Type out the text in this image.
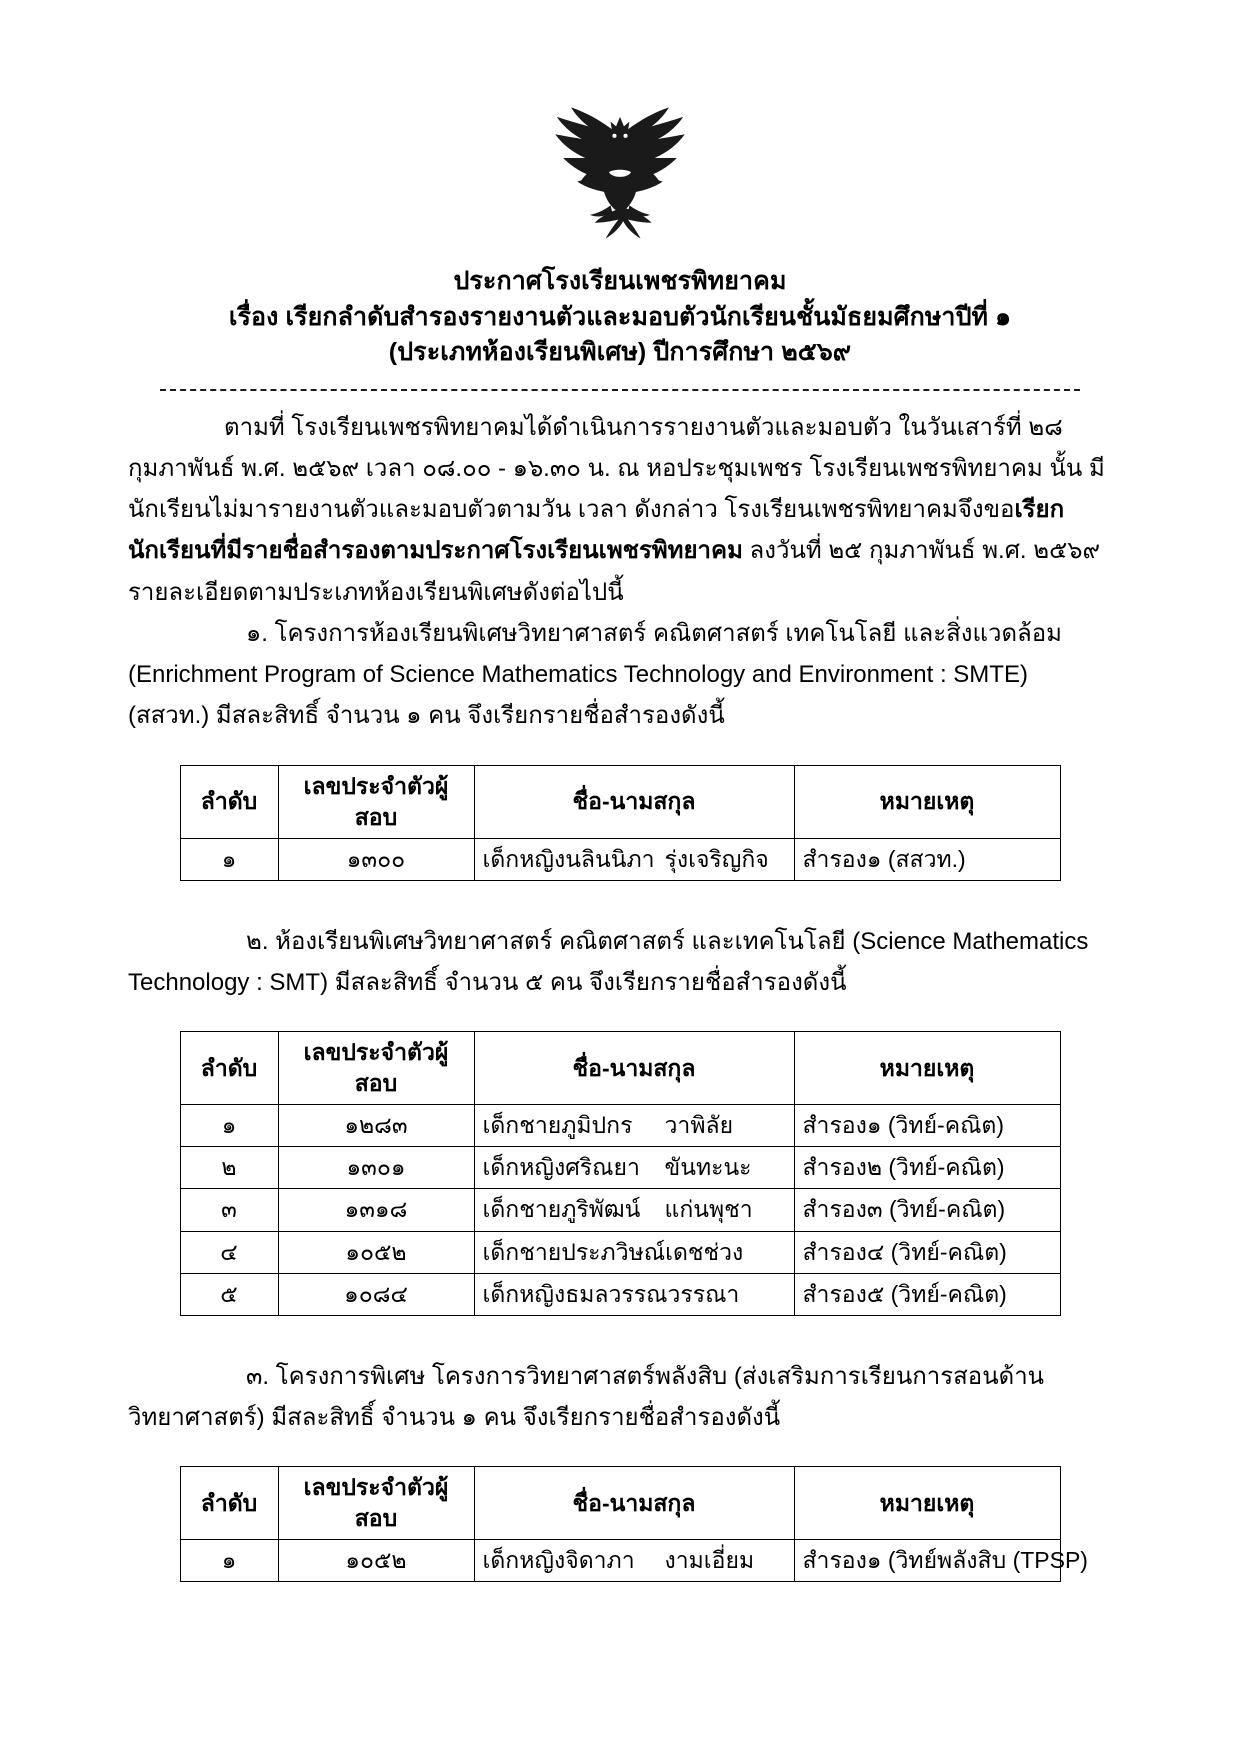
ประกาศโรงเรียนเพชรพิทยาคม
เรื่อง เรียกลำดับสำรองรายงานตัวและมอบตัวนักเรียนชั้นมัธยมศึกษาปีที่ ๑
(ประเภทห้องเรียนพิเศษ) ปีการศึกษา ๒๕๖๙

ตามที่ โรงเรียนเพชรพิทยาคมได้ดำเนินการรายงานตัวและมอบตัว ในวันเสาร์ที่ ๒๘ กุมภาพันธ์ พ.ศ. ๒๕๖๙ เวลา ๐๘.๐๐ - ๑๖.๓๐ น. ณ หอประชุมเพชร โรงเรียนเพชรพิทยาคม นั้น มีนักเรียนไม่มารายงานตัวและมอบตัวตามวัน เวลา ดังกล่าว โรงเรียนเพชรพิทยาคมจึงขอเรียกนักเรียนที่มีรายชื่อสำรองตามประกาศโรงเรียนเพชรพิทยาคม ลงวันที่ ๒๕ กุมภาพันธ์ พ.ศ. ๒๕๖๙ รายละเอียดตามประเภทห้องเรียนพิเศษดังต่อไปนี้

๑. โครงการห้องเรียนพิเศษวิทยาศาสตร์ คณิตศาสตร์ เทคโนโลยี และสิ่งแวดล้อม (Enrichment Program of Science Mathematics Technology and Environment : SMTE) (สสวท.) มีสละสิทธิ์ จำนวน ๑ คน จึงเรียกรายชื่อสำรองดังนี้

ลำดับ	เลขประจำตัวผู้สอบ	ชื่อ-นามสกุล	หมายเหตุ
๑	๑๓๐๐	เด็กหญิงนลินนิภา รุ่งเจริญกิจ	สำรอง๑ (สสวท.)

๒. ห้องเรียนพิเศษวิทยาศาสตร์ คณิตศาสตร์ และเทคโนโลยี (Science Mathematics Technology : SMT) มีสละสิทธิ์ จำนวน ๕ คน จึงเรียกรายชื่อสำรองดังนี้

ลำดับ	เลขประจำตัวผู้สอบ	ชื่อ-นามสกุล	หมายเหตุ
๑	๑๒๘๓	เด็กชายภูมิปกร วาพิลัย	สำรอง๑ (วิทย์-คณิต)
๒	๑๓๐๑	เด็กหญิงศริณยา ขันทะนะ	สำรอง๒ (วิทย์-คณิต)
๓	๑๓๑๘	เด็กชายภูริพัฒน์ แก่นพุชา	สำรอง๓ (วิทย์-คณิต)
๔	๑๐๕๒	เด็กชายประภวิษณ์เดชช่วง	สำรอง๔ (วิทย์-คณิต)
๕	๑๐๘๔	เด็กหญิงธมลวรรณวรรณา	สำรอง๕ (วิทย์-คณิต)

๓. โครงการพิเศษ โครงการวิทยาศาสตร์พลังสิบ (ส่งเสริมการเรียนการสอนด้านวิทยาศาสตร์) มีสละสิทธิ์ จำนวน ๑ คน จึงเรียกรายชื่อสำรองดังนี้

ลำดับ	เลขประจำตัวผู้สอบ	ชื่อ-นามสกุล	หมายเหตุ
๑	๑๐๕๒	เด็กหญิงจิดาภา งามเอี่ยม	สำรอง๑ (วิทย์พลังสิบ (TPSP)
